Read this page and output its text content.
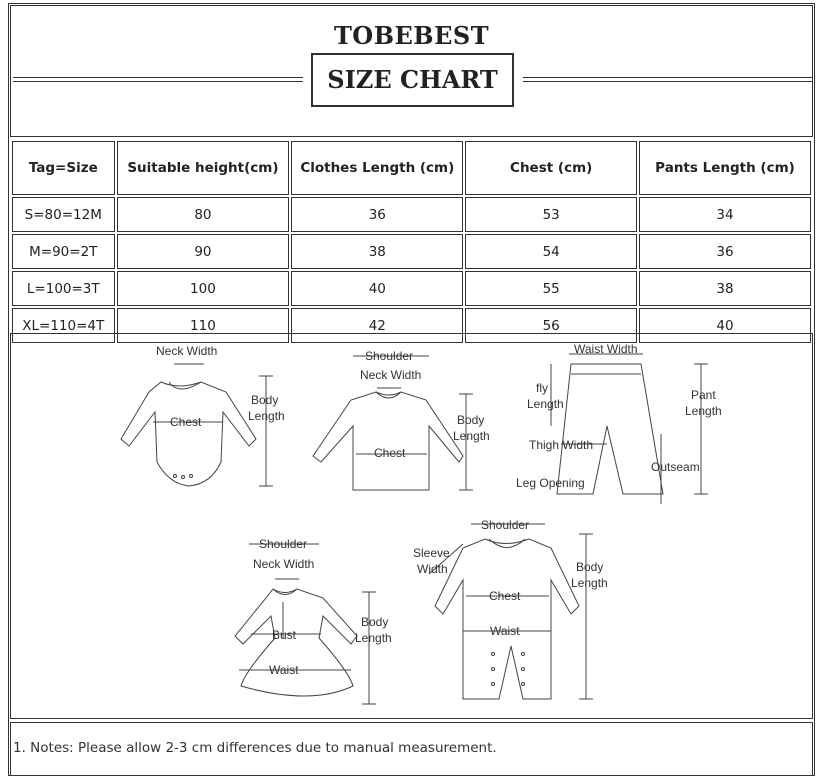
TOBEBEST
SIZE CHART
Tag=Size	Suitable height(cm)	Clothes Length (cm)	Chest (cm)	Pants Length (cm)
S=80=12M	80	36	53	34
M=90=2T	90	38	54	36
L=100=3T	100	40	55	38
XL=110=4T	110	42	56	40
Neck Width
Chest
Body
Length
Shoulder
Neck Width
Chest
Body
Length
Waist Width
fly
Length
Pant
Length
Thigh Width
Outseam
Leg Opening
Shoulder
Neck Width
Bust
Waist
Body
Length
Shoulder
Sleeve
Width
Chest
Waist
Body
Length
1. Notes: Please allow 2-3 cm differences due to manual measurement.
